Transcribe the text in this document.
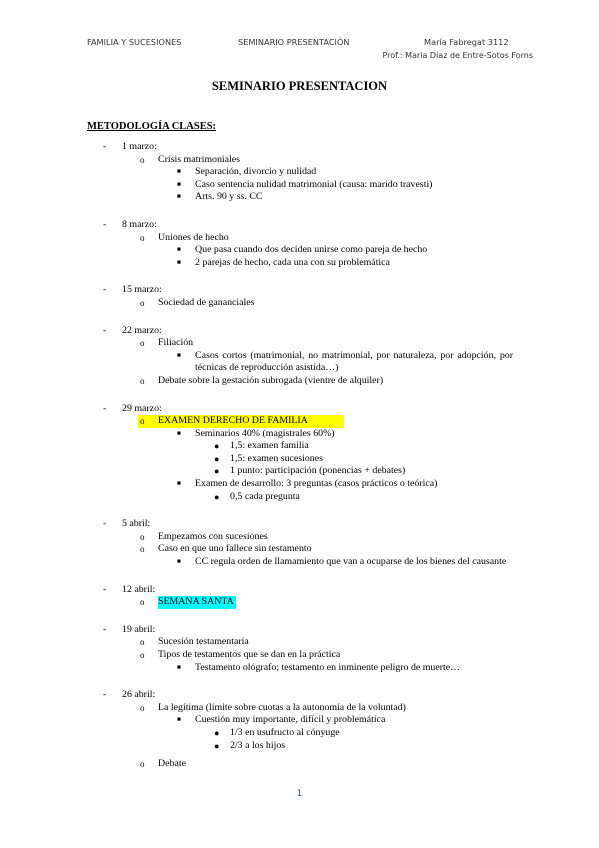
FAMILIA Y SUCESIONES	SEMINARIO PRESENTACIÓN	María Fabregat 3112
Prof.: Maria Díaz de Entre-Sotos Forns
SEMINARIO PRESENTACION
METODOLOGÍA CLASES:
- 1 marzo:
o Crisis matrimoniales
■ Separación, divorcio y nulidad
■ Caso sentencia nulidad matrimonial (causa: marido travesti)
■ Arts. 90 y ss. CC
- 8 marzo:
o Uniones de hecho
■ Que pasa cuando dos deciden unirse como pareja de hecho
■ 2 parejas de hecho, cada una con su problemática
- 15 marzo:
o Sociedad de gananciales
- 22 marzo:
o Filiación
■ Casos cortos (matrimonial, no matrimonial, por naturaleza, por adopción, por técnicas de reproducción asistida…)
o Debate sobre la gestación subrogada (vientre de alquiler)
- 29 marzo:
o EXAMEN DERECHO DE FAMILIA
■ Seminarios 40% (magistrales 60%)
● 1,5: examen familia
● 1,5: examen sucesiones
● 1 punto: participación (ponencias + debates)
■ Examen de desarrollo: 3 preguntas (casos prácticos o teórica)
● 0,5 cada pregunta
- 5 abril:
o Empezamos con sucesiones
o Caso en que uno fallece sin testamento
■ CC regula orden de llamamiento que van a ocuparse de los bienes del causante
- 12 abril:
o SEMANA SANTA
- 19 abril:
o Sucesión testamentaria
o Tipos de testamentos que se dan en la práctica
■ Testamento ológrafo; testamento en inminente peligro de muerte…
- 26 abril:
o La legítima (límite sobre cuotas a la autonomía de la voluntad)
■ Cuestión muy importante, difícil y problemática
● 1/3 en usufructo al cónyuge
● 2/3 a los hijos
o Debate
1
